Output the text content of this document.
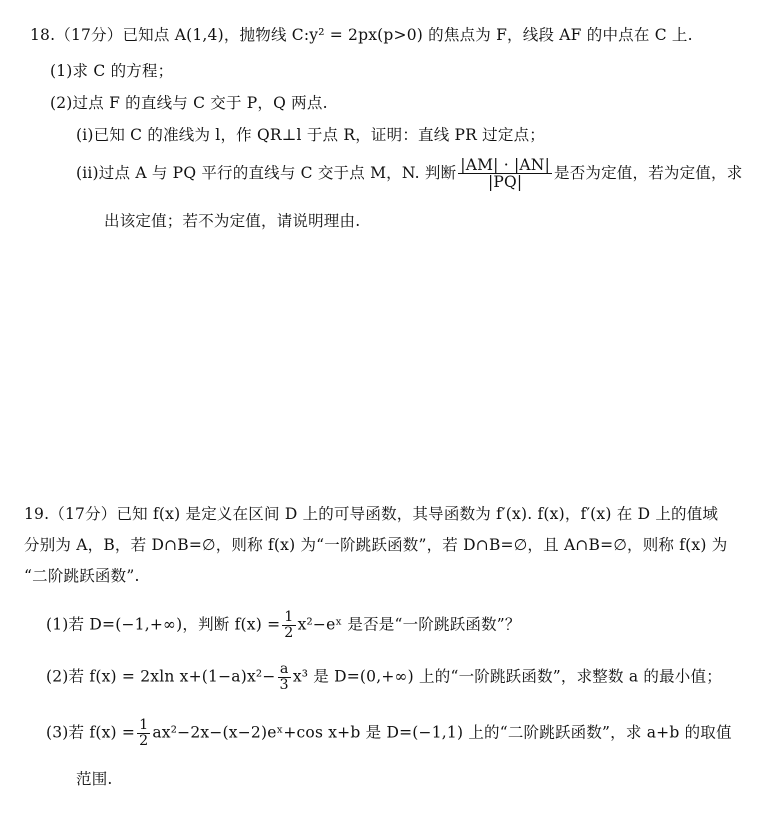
18.（17分）已知点 A(1,4)，抛物线 C:y² = 2px(p>0) 的焦点为 F，线段 AF 的中点在 C 上.
(1)求 C 的方程；
(2)过点 F 的直线与 C 交于 P，Q 两点.
(i)已知 C 的准线为 l，作 QR⊥l 于点 R，证明：直线 PR 过定点；
(ii)过点 A 与 PQ 平行的直线与 C 交于点 M，N. 判断 $\frac{|AM| \cdot |AN|}{|PQ|}$ 是否为定值，若为定值，求
出该定值；若不为定值，请说明理由.
19.（17分）已知 f(x) 是定义在区间 D 上的可导函数，其导函数为 f′(x). f(x)，f′(x) 在 D 上的值域
分别为 A，B，若 D∩B=∅，则称 f(x) 为“一阶跳跃函数”，若 D∩B=∅，且 A∩B=∅，则称 f(x) 为
“二阶跳跃函数”.
(1)若 D=(−1,+∞)，判断 $f(x) = \frac{1}{2}$ x²−eˣ 是否是“一阶跳跃函数”？
(2)若 f(x) = 2xln $x+(1-a)x^2- \frac{a}{3} x^3$ 是 D=(0,+∞) 上的“一阶跳跃函数”，求整数 a 的最小值；
(3)若 $f(x) = \frac{1}{2}$ ax²−2x−(x−2)eˣ+cos x+b 是 D=(−1,1) 上的“二阶跳跃函数”，求 a+b 的取值
范围.
